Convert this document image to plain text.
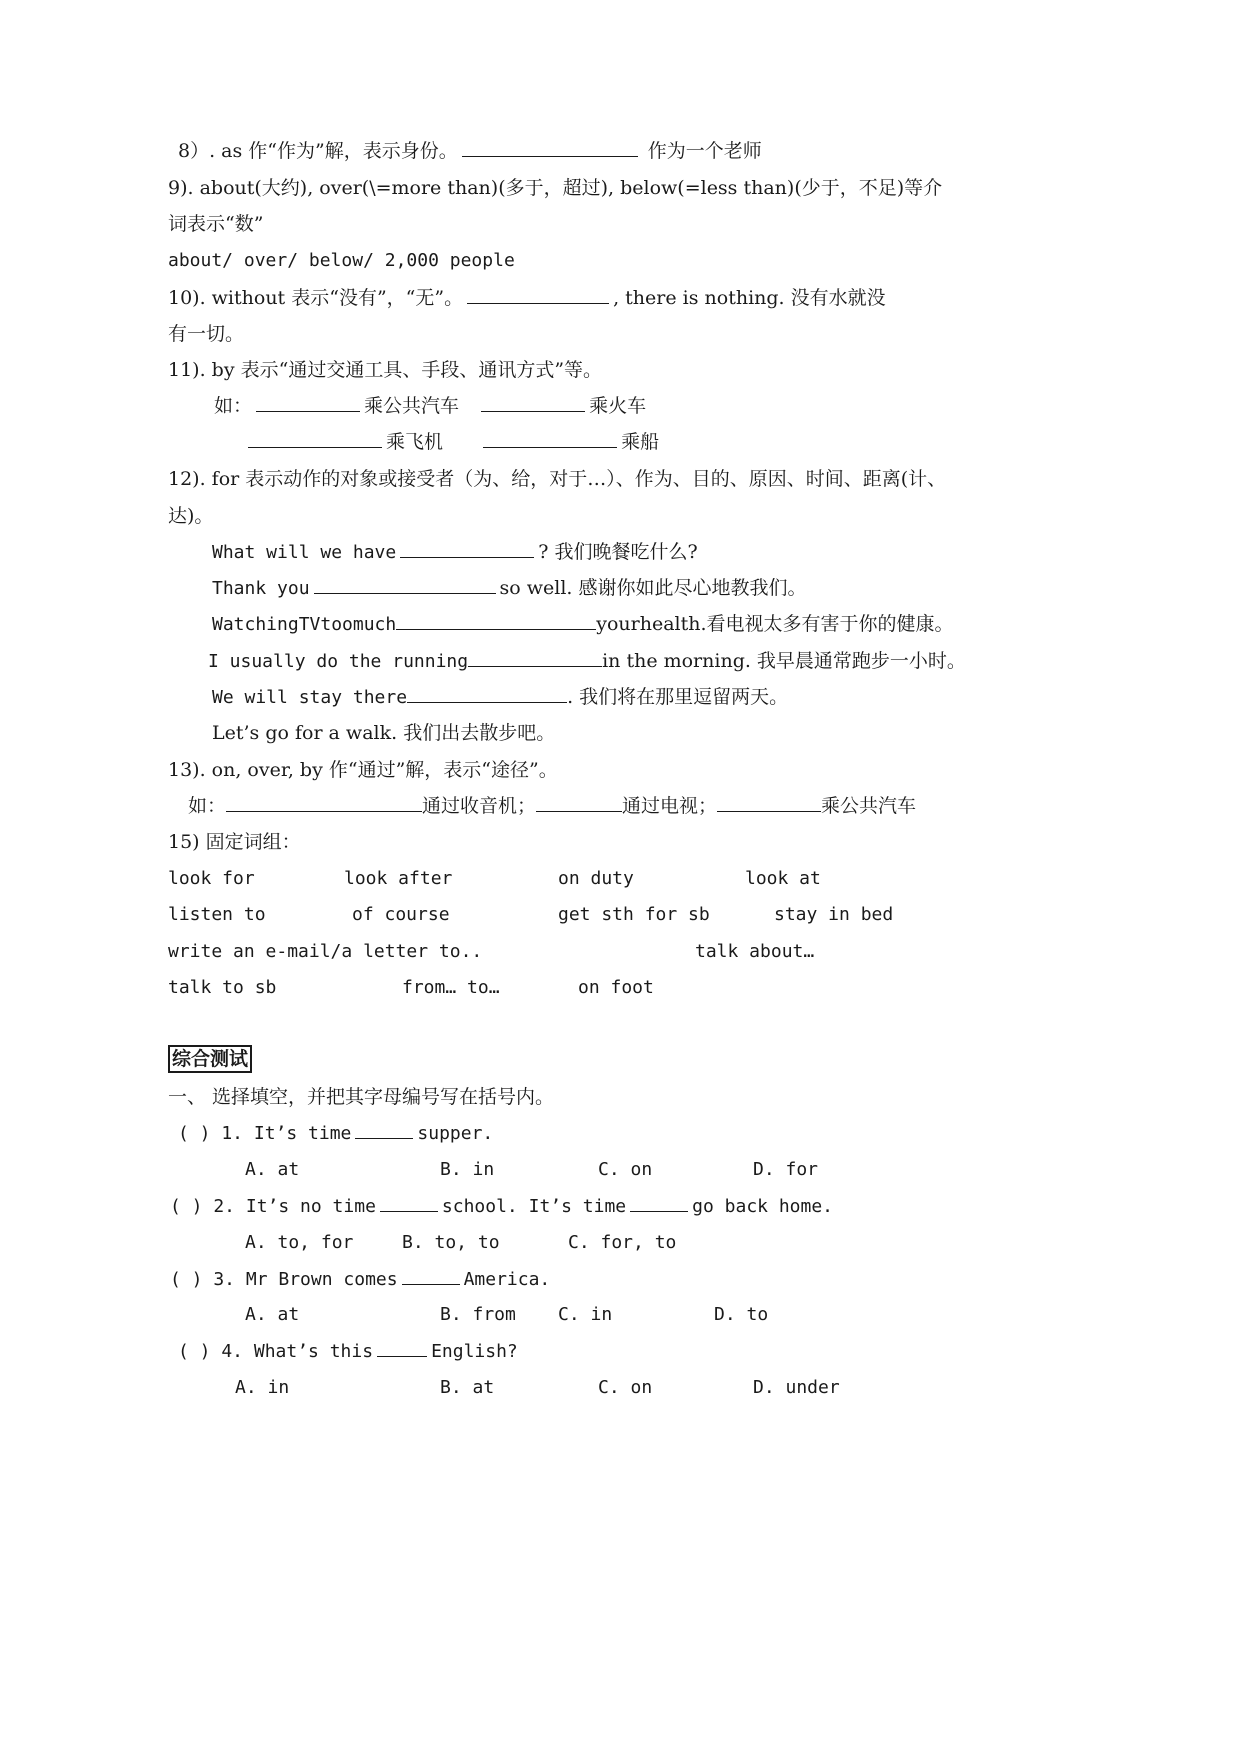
8）. as 作“作为”解，表示身份。	作为一个老师
9). about(大约), over(\=more than)(多于，超过), below(=less than)(少于，不足)等介
词表示“数”
about/ over/ below/ 2,000 people
10). without 表示“没有”，“无”。	, there is nothing. 没有水就没
有一切。
11). by 表示“通过交通工具、手段、通讯方式”等。
如：	乘公共汽车	乘火车
乘飞机	乘船
12). for 表示动作的对象或接受者（为、给，对于…）、作为、目的、原因、时间、距离(计、
达)。
What will we have	? 我们晚餐吃什么?
Thank you	so well. 感谢你如此尽心地教我们。
WatchingTVtoomuch	yourhealth.看电视太多有害于你的健康。
I usually do the running	in the morning. 我早晨通常跑步一小时。
We will stay there	. 我们将在那里逗留两天。
Let’s go for a walk. 我们出去散步吧。
13). on, over, by 作“通过”解，表示“途径”。
如：	通过收音机；	通过电视；	乘公共汽车
15) 固定词组：
look for	look after	on duty	look at
listen to	of course	get sth for sb	stay in bed
write an e-mail/a letter to..	talk about…
talk to sb	from… to…	on foot
综合测试
一、 选择填空，并把其字母编号写在括号内。
( ) 1. It’s time	supper.
A. at	B. in	C. on	D. for
( ) 2. It’s no time	school. It’s time	go back home.
A. to, for	B. to, to	C. for, to
( ) 3. Mr Brown comes	America.
A. at	B. from C. in	D. to
( ) 4. What’s this	English?
A. in	B. at	C. on	D. under
